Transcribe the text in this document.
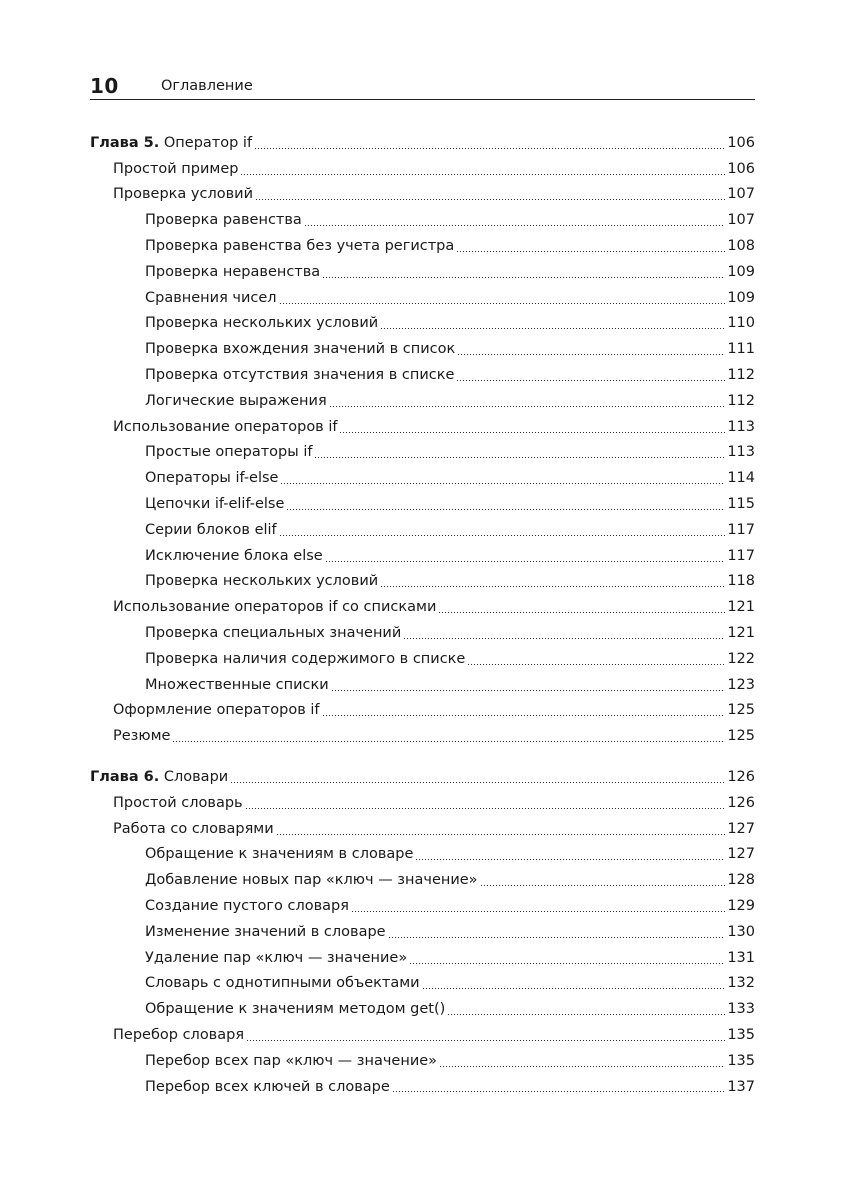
10	Оглавление
Глава 5. Оператор if	106
Простой пример	106
Проверка условий	107
Проверка равенства	107
Проверка равенства без учета регистра	108
Проверка неравенства	109
Сравнения чисел	109
Проверка нескольких условий	110
Проверка вхождения значений в список	111
Проверка отсутствия значения в списке	112
Логические выражения	112
Использование операторов if	113
Простые операторы if	113
Операторы if-else	114
Цепочки if-elif-else	115
Серии блоков elif	117
Исключение блока else	117
Проверка нескольких условий	118
Использование операторов if со списками	121
Проверка специальных значений	121
Проверка наличия содержимого в списке	122
Множественные списки	123
Оформление операторов if	125
Резюме	125
Глава 6. Словари	126
Простой словарь	126
Работа со словарями	127
Обращение к значениям в словаре	127
Добавление новых пар «ключ — значение»	128
Создание пустого словаря	129
Изменение значений в словаре	130
Удаление пар «ключ — значение»	131
Словарь с однотипными объектами	132
Обращение к значениям методом get()	133
Перебор словаря	135
Перебор всех пар «ключ — значение»	135
Перебор всех ключей в словаре	137
